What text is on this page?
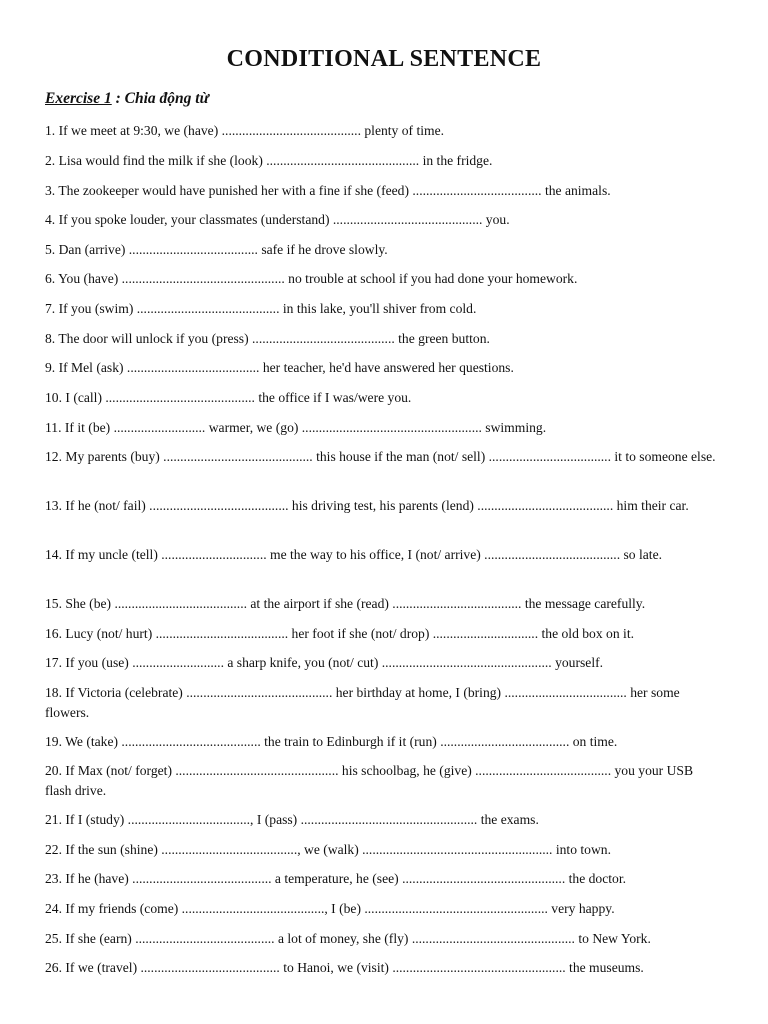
CONDITIONAL SENTENCE
Exercise 1 : Chia động từ
1. If we meet at 9:30, we (have) ......................................... plenty of time.
2. Lisa would find the milk if she (look) ............................................. in the fridge.
3. The zookeeper would have punished her with a fine if she (feed) ...................................... the animals.
4. If you spoke louder, your classmates (understand) ............................................ you.
5. Dan (arrive) ...................................... safe if he drove slowly.
6. You (have) ................................................ no trouble at school if you had done your homework.
7. If you (swim) .......................................... in this lake, you'll shiver from cold.
8. The door will unlock if you (press) .......................................... the green button.
9. If Mel (ask) ....................................... her teacher, he'd have answered her questions.
10. I (call) ............................................ the office if I was/were you.
11. If it (be) ........................... warmer, we (go) ..................................................... swimming.
12. My parents (buy) ............................................ this house if the man (not/ sell) .................................... it to someone else.
13. If he (not/ fail) ......................................... his driving test, his parents (lend) ........................................ him their car.
14. If my uncle (tell) ............................... me the way to his office, I (not/ arrive) ........................................ so late.
15. She (be) ....................................... at the airport if she (read) ...................................... the message carefully.
16. Lucy (not/ hurt) ....................................... her foot if she (not/ drop) ............................... the old box on it.
17. If you (use) ........................... a sharp knife, you (not/ cut) .................................................. yourself.
18. If Victoria (celebrate) ........................................... her birthday at home, I (bring) .................................... her some flowers.
19. We (take) ......................................... the train to Edinburgh if it (run) ...................................... on time.
20. If Max (not/ forget) ................................................ his schoolbag, he (give) ........................................ you your USB flash drive.
21. If I (study) ...................................., I (pass) .................................................... the exams.
22. If the sun (shine) ........................................, we (walk) ........................................................ into town.
23. If he (have) ......................................... a temperature, he (see) ................................................ the doctor.
24. If my friends (come) .........................................., I (be) ...................................................... very happy.
25. If she (earn) ......................................... a lot of money, she (fly) ................................................ to New York.
26. If we (travel) ......................................... to Hanoi, we (visit) ................................................... the museums.
